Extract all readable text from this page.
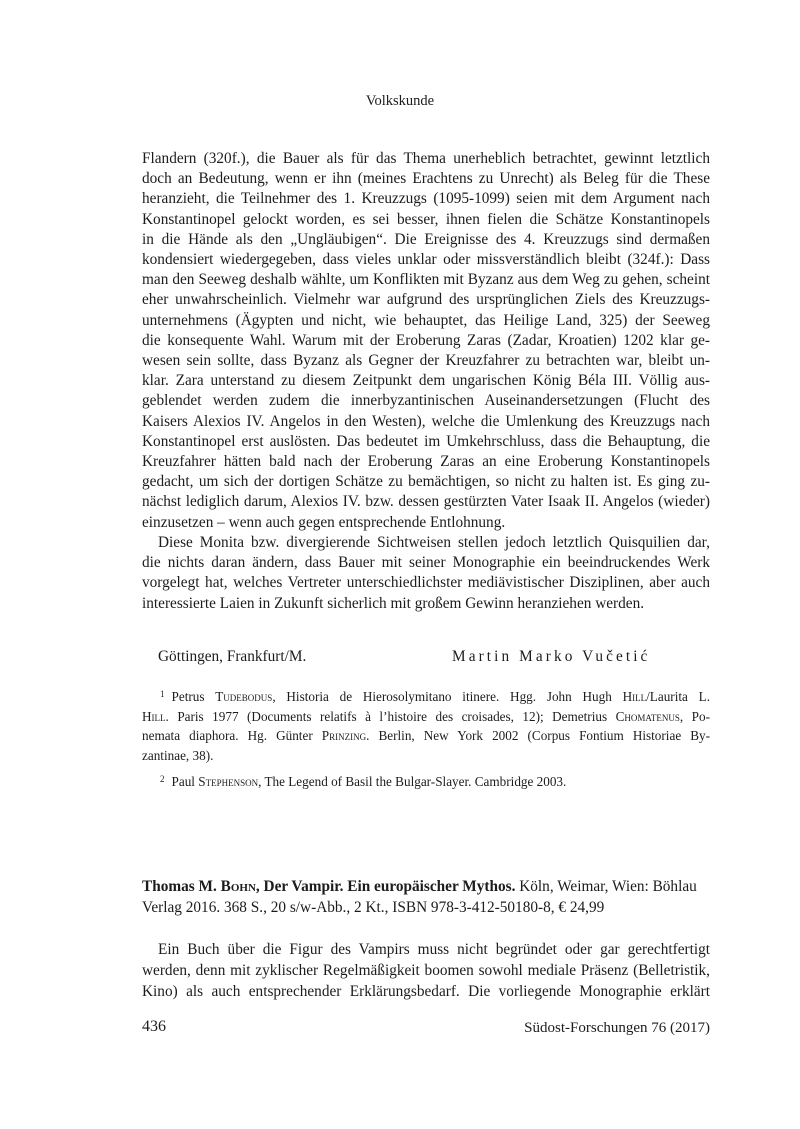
Volkskunde
Flandern (320f.), die Bauer als für das Thema unerheblich betrachtet, gewinnt letztlich
doch an Bedeutung, wenn er ihn (meines Erachtens zu Unrecht) als Beleg für die These
heranzieht, die Teilnehmer des 1. Kreuzzugs (1095-1099) seien mit dem Argument nach
Konstantinopel gelockt worden, es sei besser, ihnen fielen die Schätze Konstantinopels
in die Hände als den „Ungläubigen“. Die Ereignisse des 4. Kreuzzugs sind dermaßen
kondensiert wiedergegeben, dass vieles unklar oder missverständlich bleibt (324f.): Dass
man den Seeweg deshalb wählte, um Konflikten mit Byzanz aus dem Weg zu gehen, scheint
eher unwahrscheinlich. Vielmehr war aufgrund des ursprünglichen Ziels des Kreuzzugs-
unternehmens (Ägypten und nicht, wie behauptet, das Heilige Land, 325) der Seeweg
die konsequente Wahl. Warum mit der Eroberung Zaras (Zadar, Kroatien) 1202 klar ge-
wesen sein sollte, dass Byzanz als Gegner der Kreuzfahrer zu betrachten war, bleibt un-
klar. Zara unterstand zu diesem Zeitpunkt dem ungarischen König Béla III. Völlig aus-
geblendet werden zudem die innerbyzantinischen Auseinandersetzungen (Flucht des
Kaisers Alexios IV. Angelos in den Westen), welche die Umlenkung des Kreuzzugs nach
Konstantinopel erst auslösten. Das bedeutet im Umkehrschluss, dass die Behauptung, die
Kreuzfahrer hätten bald nach der Eroberung Zaras an eine Eroberung Konstantinopels
gedacht, um sich der dortigen Schätze zu bemächtigen, so nicht zu halten ist. Es ging zu-
nächst lediglich darum, Alexios IV. bzw. dessen gestürzten Vater Isaak II. Angelos (wieder)
einzusetzen – wenn auch gegen entsprechende Entlohnung.
Diese Monita bzw. divergierende Sichtweisen stellen jedoch letztlich Quisquilien dar,
die nichts daran ändern, dass Bauer mit seiner Monographie ein beeindruckendes Werk
vorgelegt hat, welches Vertreter unterschiedlichster mediävistischer Disziplinen, aber auch
interessierte Laien in Zukunft sicherlich mit großem Gewinn heranziehen werden.
Göttingen, Frankfurt/M.	Martin Marko Vučetić
$^1$ Petrus Tudebodus, Historia de Hierosolymitano itinere. Hgg. John Hugh Hill/Laurita L.
Hill. Paris 1977 (Documents relatifs à l’histoire des croisades, 12); Demetrius Chomatenus, Po-
nemata diaphora. Hg. Günter Prinzing. Berlin, New York 2002 (Corpus Fontium Historiae By-
zantinae, 38).
$^2$ Paul Stephenson, The Legend of Basil the Bulgar-Slayer. Cambridge 2003.
Thomas M. Bohn, Der Vampir. Ein europäischer Mythos. Köln, Weimar, Wien: Böhlau
Verlag 2016. 368 S., 20 s/w-Abb., 2 Kt., ISBN 978-3-412-50180-8, € 24,99
Ein Buch über die Figur des Vampirs muss nicht begründet oder gar gerechtfertigt
werden, denn mit zyklischer Regelmäßigkeit boomen sowohl mediale Präsenz (Belletristik,
Kino) als auch entsprechender Erklärungsbedarf. Die vorliegende Monographie erklärt
436	Südost-Forschungen 76 (2017)
